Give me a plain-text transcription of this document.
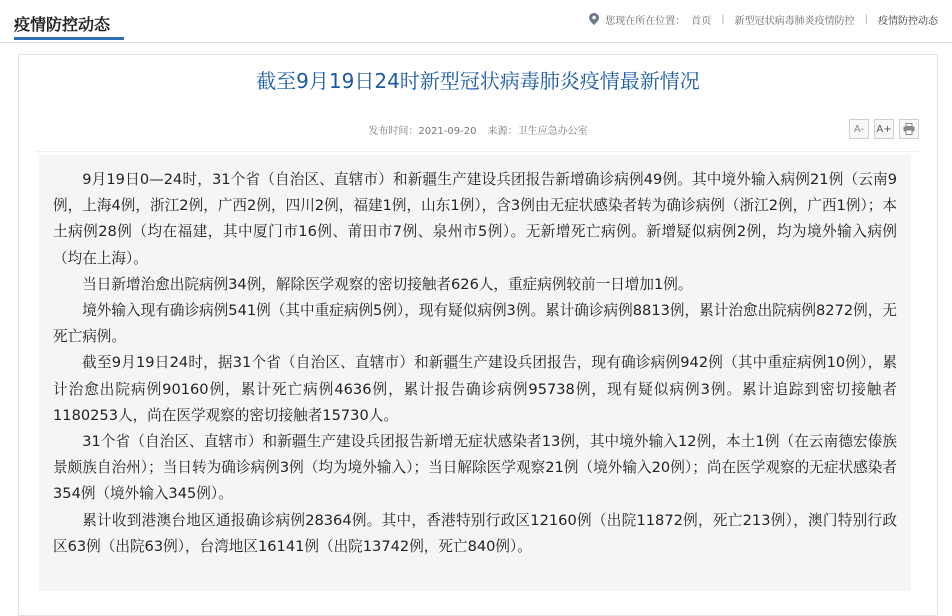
疫情防控动态	您现在所在位置： 首页 | 新型冠状病毒肺炎疫情防控 | 疫情防控动态
截至9月19日24时新型冠状病毒肺炎疫情最新情况
发布时间：2021-09-20 来源：卫生应急办公室	A-	A+

9月19日0—24时，31个省（自治区、直辖市）和新疆生产建设兵团报告新增确诊病例49例。其中境外输入病例21例（云南9例，上海4例，浙江2例，广西2例，四川2例，福建1例，山东1例），含3例由无症状感染者转为确诊病例（浙江2例，广西1例）；本土病例28例（均在福建，其中厦门市16例、莆田市7例、泉州市5例）。无新增死亡病例。新增疑似病例2例，均为境外输入病例（均在上海）。

当日新增治愈出院病例34例，解除医学观察的密切接触者626人，重症病例较前一日增加1例。

境外输入现有确诊病例541例（其中重症病例5例），现有疑似病例3例。累计确诊病例8813例，累计治愈出院病例8272例，无死亡病例。

截至9月19日24时，据31个省（自治区、直辖市）和新疆生产建设兵团报告，现有确诊病例942例（其中重症病例10例），累计治愈出院病例90160例，累计死亡病例4636例，累计报告确诊病例95738例，现有疑似病例3例。累计追踪到密切接触者1180253人，尚在医学观察的密切接触者15730人。

31个省（自治区、直辖市）和新疆生产建设兵团报告新增无症状感染者13例，其中境外输入12例，本土1例（在云南德宏傣族景颇族自治州）；当日转为确诊病例3例（均为境外输入）；当日解除医学观察21例（境外输入20例）；尚在医学观察的无症状感染者354例（境外输入345例）。

累计收到港澳台地区通报确诊病例28364例。其中，香港特别行政区12160例（出院11872例，死亡213例），澳门特别行政区63例（出院63例），台湾地区16141例（出院13742例，死亡840例）。
